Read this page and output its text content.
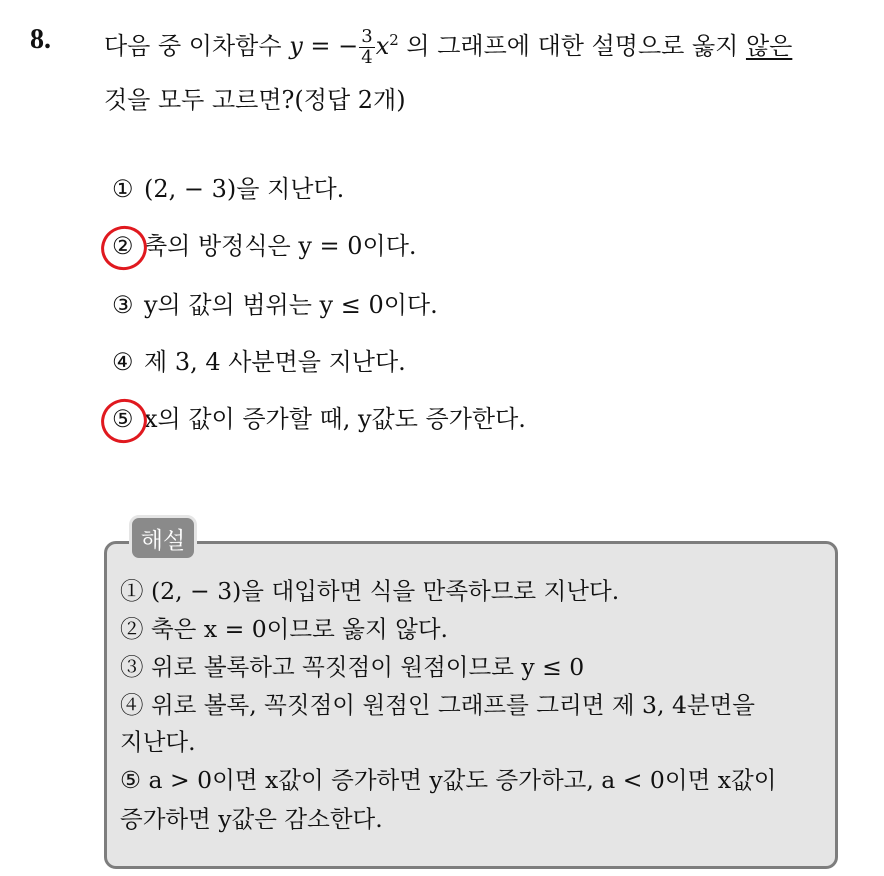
8. 다음 중 이차함수 y = − $\frac{3}{4} x^2$ 의 그래프에 대한 설명으로 옳지 않은
것을 모두 고르면?(정답 2개)
① (2, − 3)을 지난다.
② 축의 방정식은 y = 0이다.
③ y의 값의 범위는 y ≤ 0이다.
④ 제 3, 4 사분면을 지난다.
⑤ x의 값이 증가할 때, y값도 증가한다.
해설
① (2, − 3)을 대입하면 식을 만족하므로 지난다.
② 축은 x = 0이므로 옳지 않다.
③ 위로 볼록하고 꼭짓점이 원점이므로 y ≤ 0
④ 위로 볼록, 꼭짓점이 원점인 그래프를 그리면 제 3, 4분면을
지난다.
⑤ a > 0이면 x값이 증가하면 y값도 증가하고, a < 0이면 x값이
증가하면 y값은 감소한다.
